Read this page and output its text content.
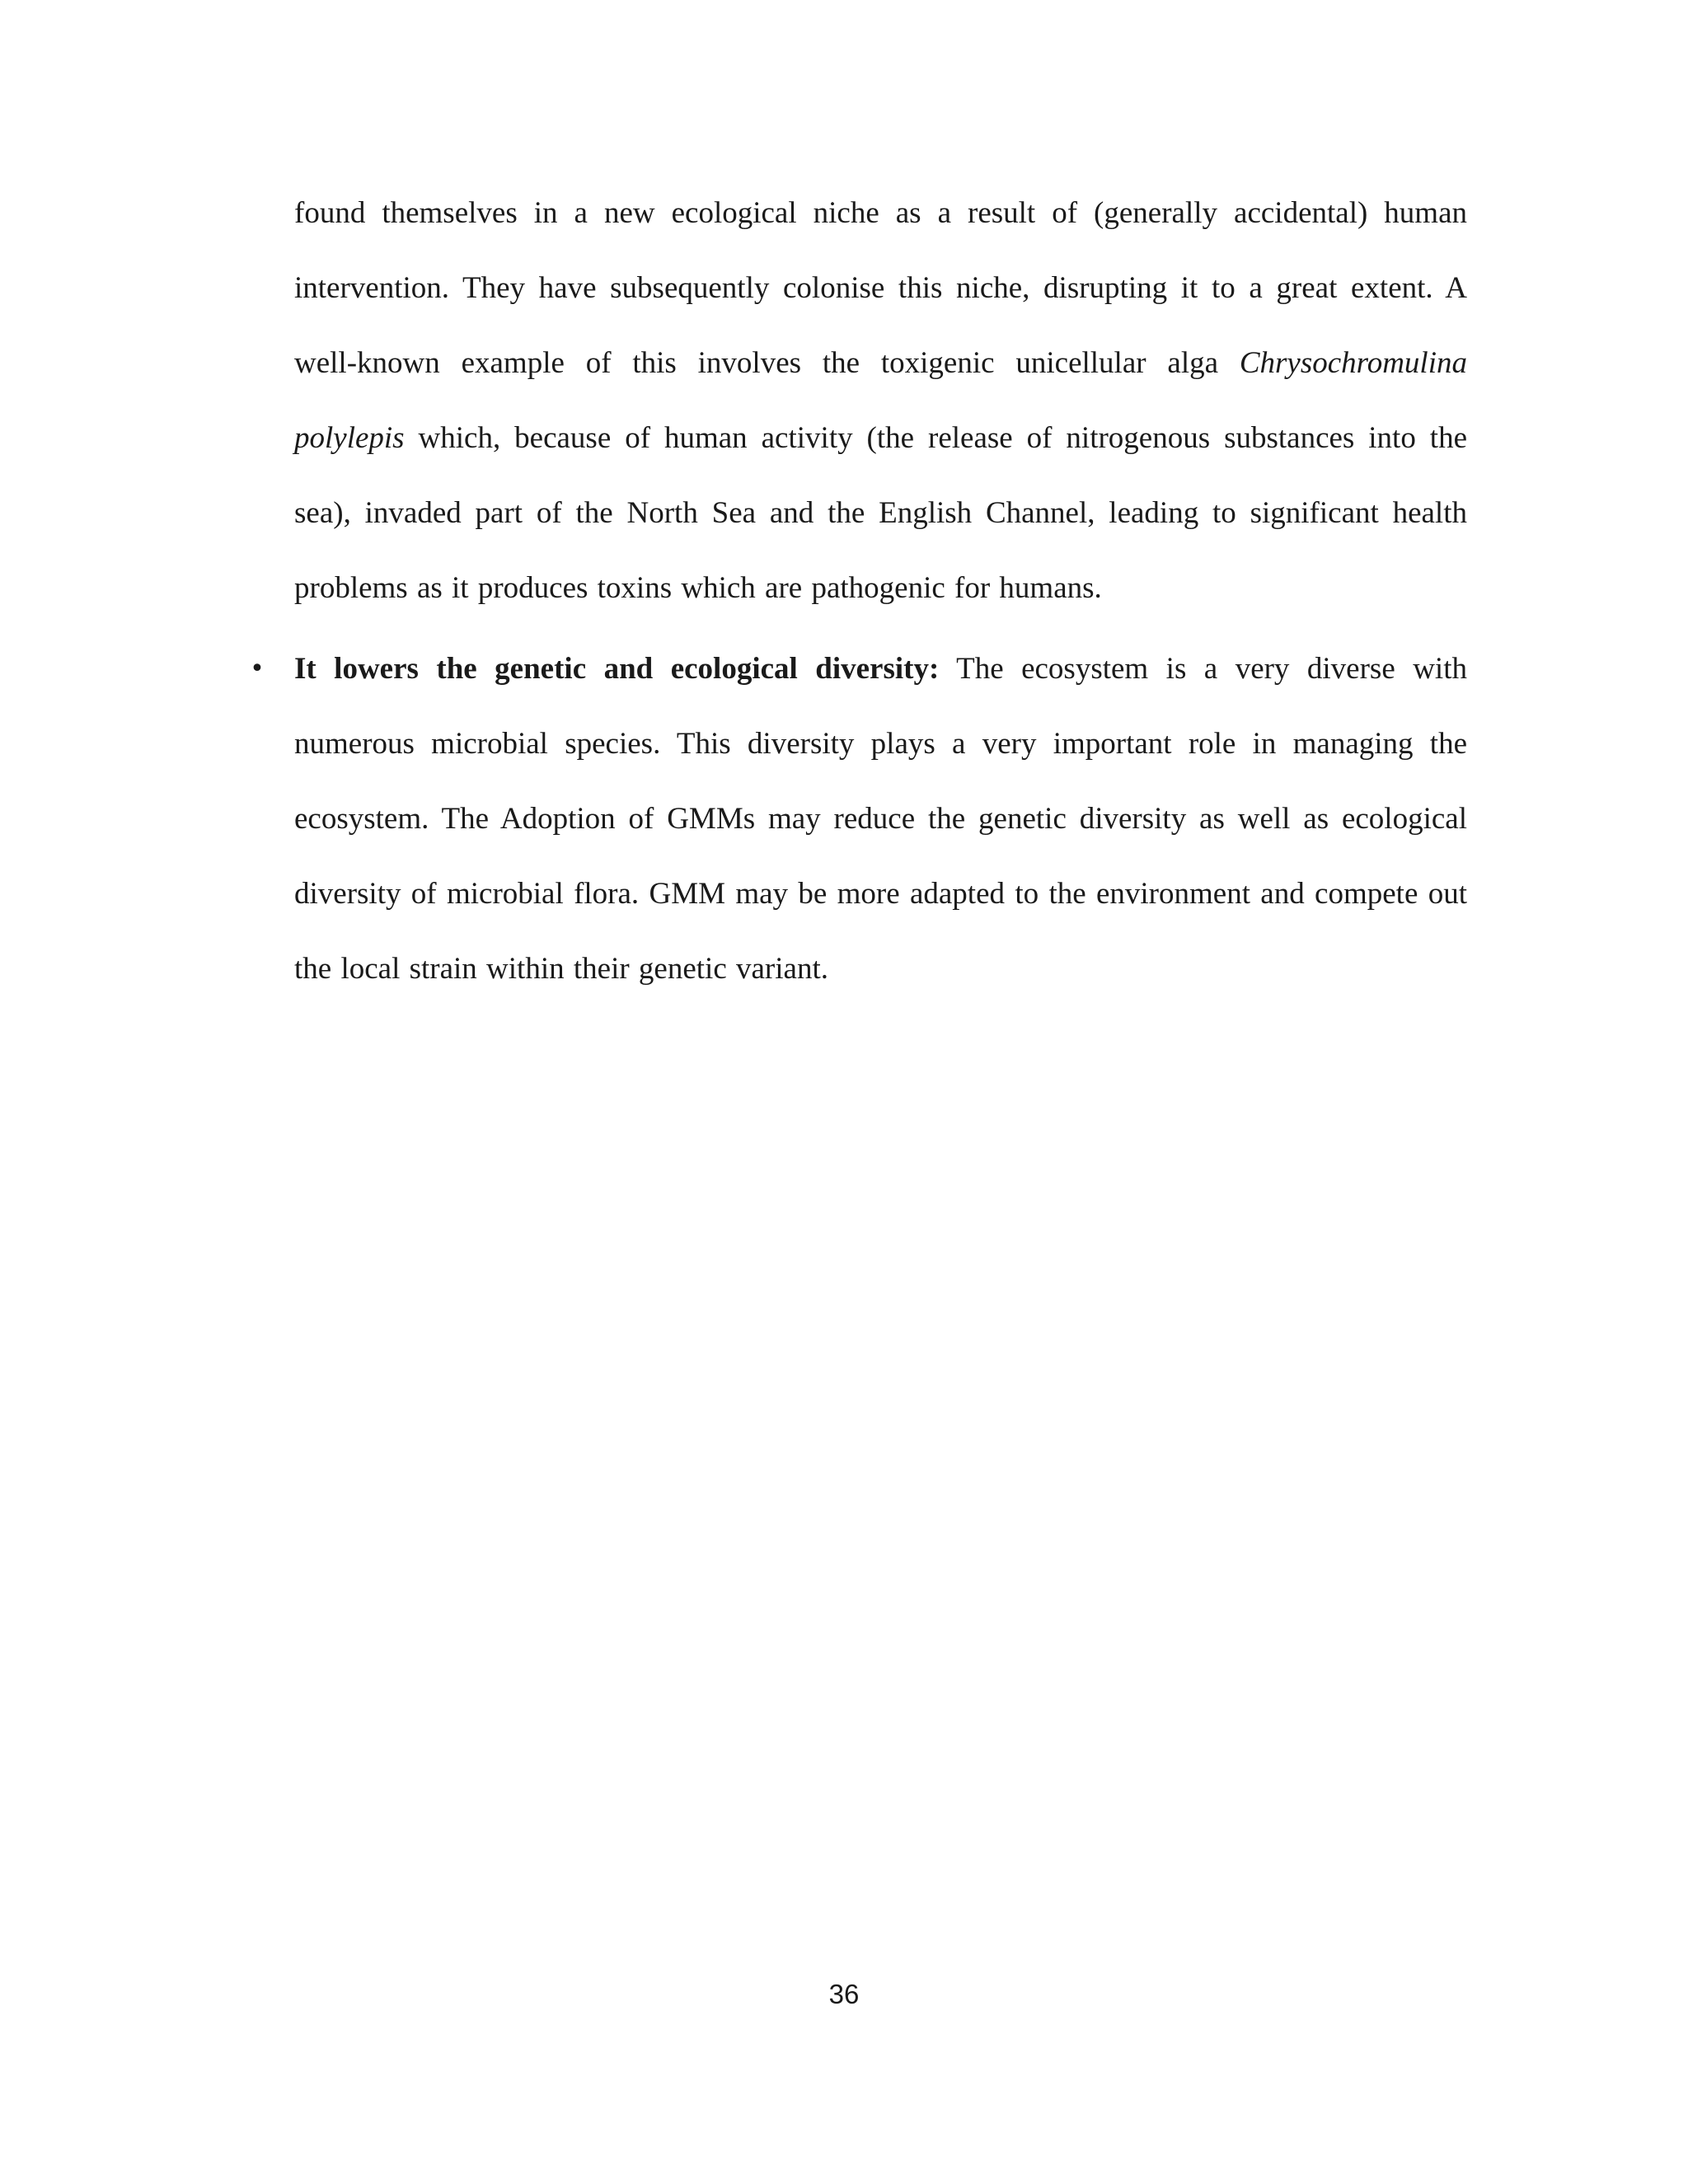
found themselves in a new ecological niche as a result of (generally accidental) human intervention. They have subsequently colonise this niche, disrupting it to a great extent. A well-known example of this involves the toxigenic unicellular alga Chrysochromulina polylepis which, because of human activity (the release of nitrogenous substances into the sea), invaded part of the North Sea and the English Channel, leading to significant health problems as it produces toxins which are pathogenic for humans.

• It lowers the genetic and ecological diversity: The ecosystem is a very diverse with numerous microbial species. This diversity plays a very important role in managing the ecosystem. The Adoption of GMMs may reduce the genetic diversity as well as ecological diversity of microbial flora. GMM may be more adapted to the environment and compete out the local strain within their genetic variant.

36
